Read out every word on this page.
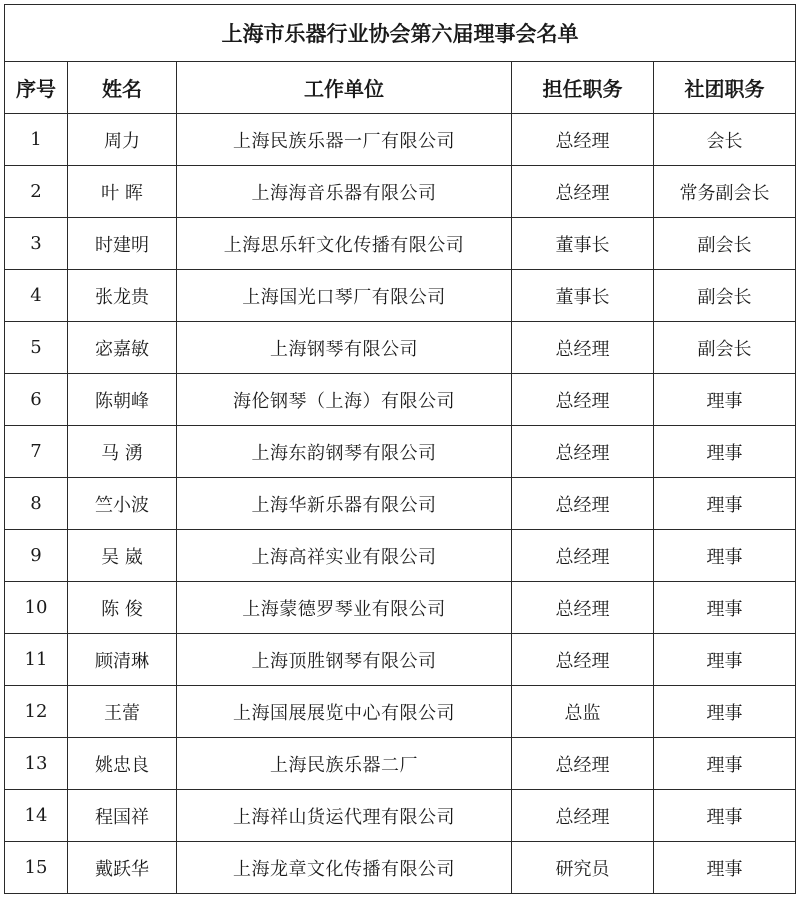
上海市乐器行业协会第六届理事会名单				
序号	姓名	工作单位	担任职务	社团职务
1	周力	上海民族乐器一厂有限公司	总经理	会长
2	叶 晖	上海海音乐器有限公司	总经理	常务副会长
3	时建明	上海思乐轩文化传播有限公司	董事长	副会长
4	张龙贵	上海国光口琴厂有限公司	董事长	副会长
5	宓嘉敏	上海钢琴有限公司	总经理	副会长
6	陈朝峰	海伦钢琴（上海）有限公司	总经理	理事
7	马 湧	上海东韵钢琴有限公司	总经理	理事
8	竺小波	上海华新乐器有限公司	总经理	理事
9	吴 崴	上海高祥实业有限公司	总经理	理事
10	陈 俊	上海蒙德罗琴业有限公司	总经理	理事
11	顾清琳	上海顶胜钢琴有限公司	总经理	理事
12	王蕾	上海国展展览中心有限公司	总监	理事
13	姚忠良	上海民族乐器二厂	总经理	理事
14	程国祥	上海祥山货运代理有限公司	总经理	理事
15	戴跃华	上海龙章文化传播有限公司	研究员	理事
